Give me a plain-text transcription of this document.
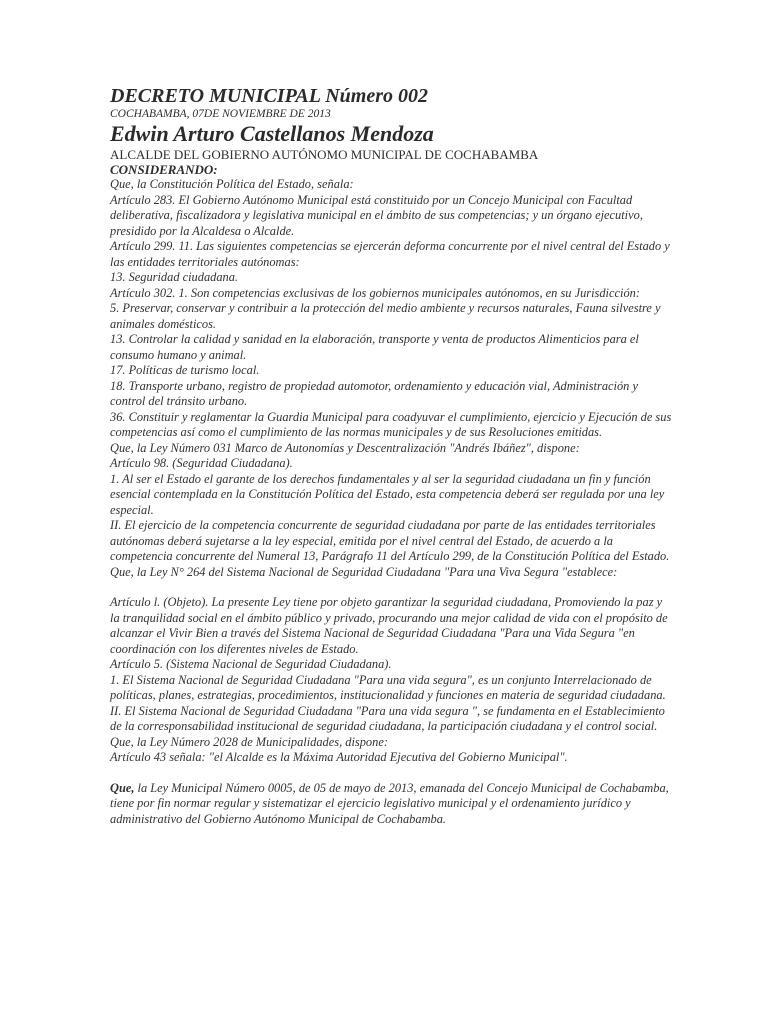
DECRETO MUNICIPAL Número 002

COCHABAMBA, 07DE NOVIEMBRE DE 2013

Edwin Arturo Castellanos Mendoza

ALCALDE DEL GOBIERNO AUTÓNOMO MUNICIPAL DE COCHABAMBA

CONSIDERANDO:

Que, la Constitución Política del Estado, señala:

Artículo 283. El Gobierno Autónomo Municipal está constituido por un Concejo Municipal con Facultad deliberativa, fiscalizadora y legislativa municipal en el ámbito de sus competencias; y un órgano ejecutivo, presidido por la Alcaldesa o Alcalde.

Artículo 299. 11. Las siguientes competencias se ejercerán deforma concurrente por el nivel central del Estado y las entidades territoriales autónomas:

13. Seguridad ciudadana.

Artículo 302. 1. Son competencias exclusivas de los gobiernos municipales autónomos, en su Jurisdicción:

5. Preservar, conservar y contribuir a la protección del medio ambiente y recursos naturales, Fauna silvestre y animales domésticos.

13. Controlar la calidad y sanidad en la elaboración, transporte y venta de productos Alimenticios para el consumo humano y animal.

17. Políticas de turismo local.

18. Transporte urbano, registro de propiedad automotor, ordenamiento y educación vial, Administración y control del tránsito urbano.

36. Constituir y reglamentar la Guardia Municipal para coadyuvar el cumplimiento, ejercicio y Ejecución de sus competencias así como el cumplimiento de las normas municipales y de sus Resoluciones emitidas.

Que, la Ley Número 031 Marco de Autonomías y Descentralización "Andrés Ibáñez", dispone:

Artículo 98. (Seguridad Ciudadana).

1. Al ser el Estado el garante de los derechos fundamentales y al ser la seguridad ciudadana un fin y función esencial contemplada en la Constitución Política del Estado, esta competencia deberá ser regulada por una ley especial.

II. El ejercicio de la competencia concurrente de seguridad ciudadana por parte de las entidades territoriales autónomas deberá sujetarse a la ley especial, emitida por el nivel central del Estado, de acuerdo a la competencia concurrente del Numeral 13, Parágrafo 11 del Artículo 299, de la Constitución Política del Estado.

Que, la Ley N° 264 del Sistema Nacional de Seguridad Ciudadana "Para una Viva Segura "establece:

Artículo l. (Objeto). La presente Ley tiene por objeto garantizar la seguridad ciudadana, Promoviendo la paz y la tranquilidad social en el ámbito público y privado, procurando una mejor calidad de vida con el propósito de alcanzar el Vivir Bien a través del Sistema Nacional de Seguridad Ciudadana "Para una Vida Segura "en coordinación con los diferentes niveles de Estado.

Artículo 5. (Sistema Nacional de Seguridad Ciudadana).

1. El Sistema Nacional de Seguridad Ciudadana "Para una vida segura", es un conjunto Interrelacionado de políticas, planes, estrategias, procedimientos, institucionalidad y funciones en materia de seguridad ciudadana.

II. El Sistema Nacional de Seguridad Ciudadana "Para una vida segura ", se fundamenta en el Establecimiento de la corresponsabilidad institucional de seguridad ciudadana, la participación ciudadana y el control social.

Que, la Ley Número 2028 de Municipalidades, dispone:

Artículo 43 señala: "el Alcalde es la Máxima Autoridad Ejecutiva del Gobierno Municipal".

Que, la Ley Municipal Número 0005, de 05 de mayo de 2013, emanada del Concejo Municipal de Cochabamba, tiene por fin normar regular y sistematizar el ejercicio legislativo municipal y el ordenamiento jurídico y administrativo del Gobierno Autónomo Municipal de Cochabamba.
